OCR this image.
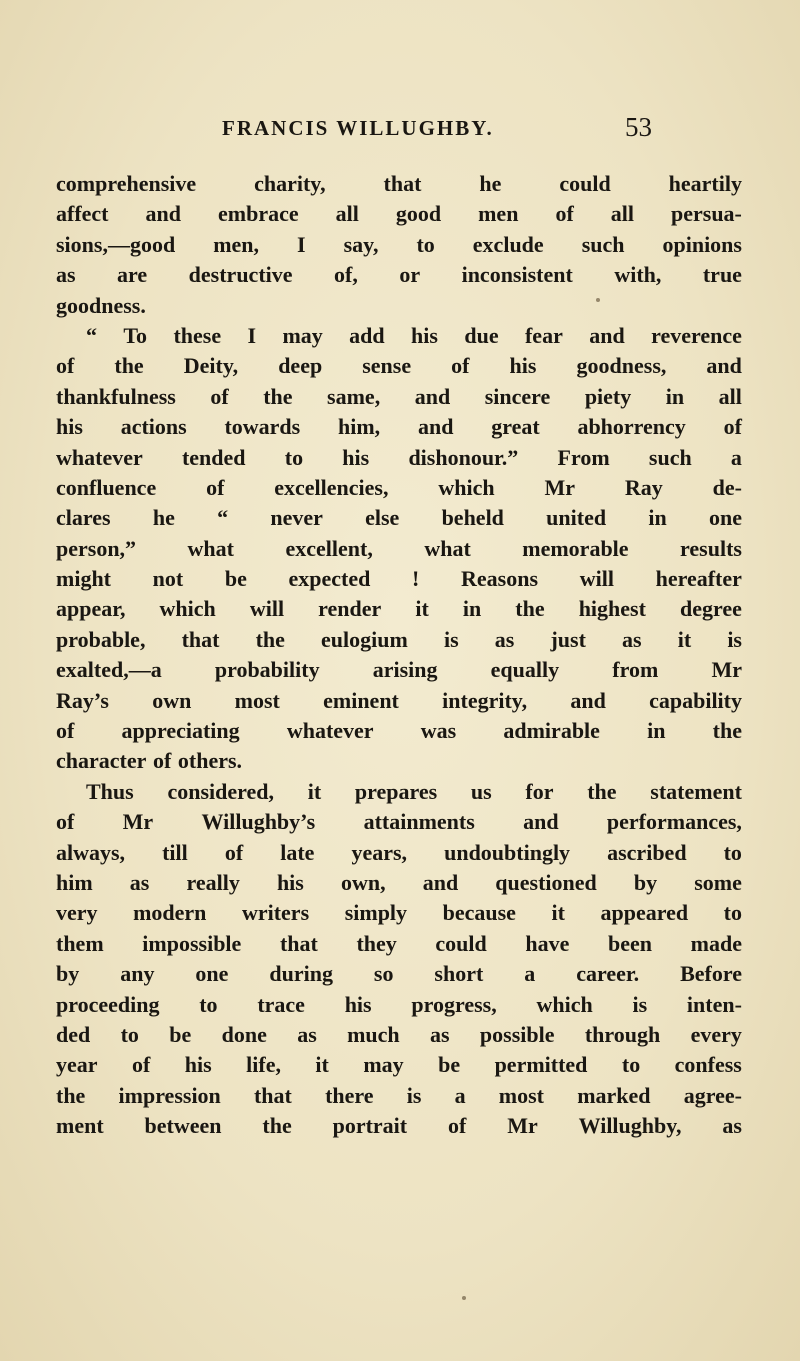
FRANCIS WILLUGHBY.	53
comprehensive	charity,	that	he	could	heartily
affect and embrace all good men of all persua-
sions,—good men, I say, to exclude such opinions
as are destructive of, or inconsistent with, true
goodness.
“ To these I may add his due fear and reverence
of the Deity, deep sense of his goodness, and
thankfulness of the same, and sincere piety in all
his actions towards him, and great abhorrency of
whatever tended to his dishonour.” From such a
confluence of excellencies, which Mr Ray de-
clares he “ never else beheld united in one
person,” what excellent, what memorable results
might not be expected ! Reasons will hereafter
appear, which will render it in the highest degree
probable, that the eulogium is as just as it is
exalted,—a probability arising equally from Mr
Ray’s own most eminent integrity, and capability
of appreciating whatever was admirable in the
character of others.
Thus considered, it prepares us for the statement
of Mr Willughby’s attainments and performances,
always, till of late years, undoubtingly ascribed to
him as really his own, and questioned by some
very modern writers simply because it appeared to
them impossible that they could have been made
by any one during so short a career. Before
proceeding to trace his progress, which is inten-
ded to be done as much as possible through every
year of his life, it may be permitted to confess
the impression that there is a most marked agree-
ment between the portrait of Mr Willughby, as
